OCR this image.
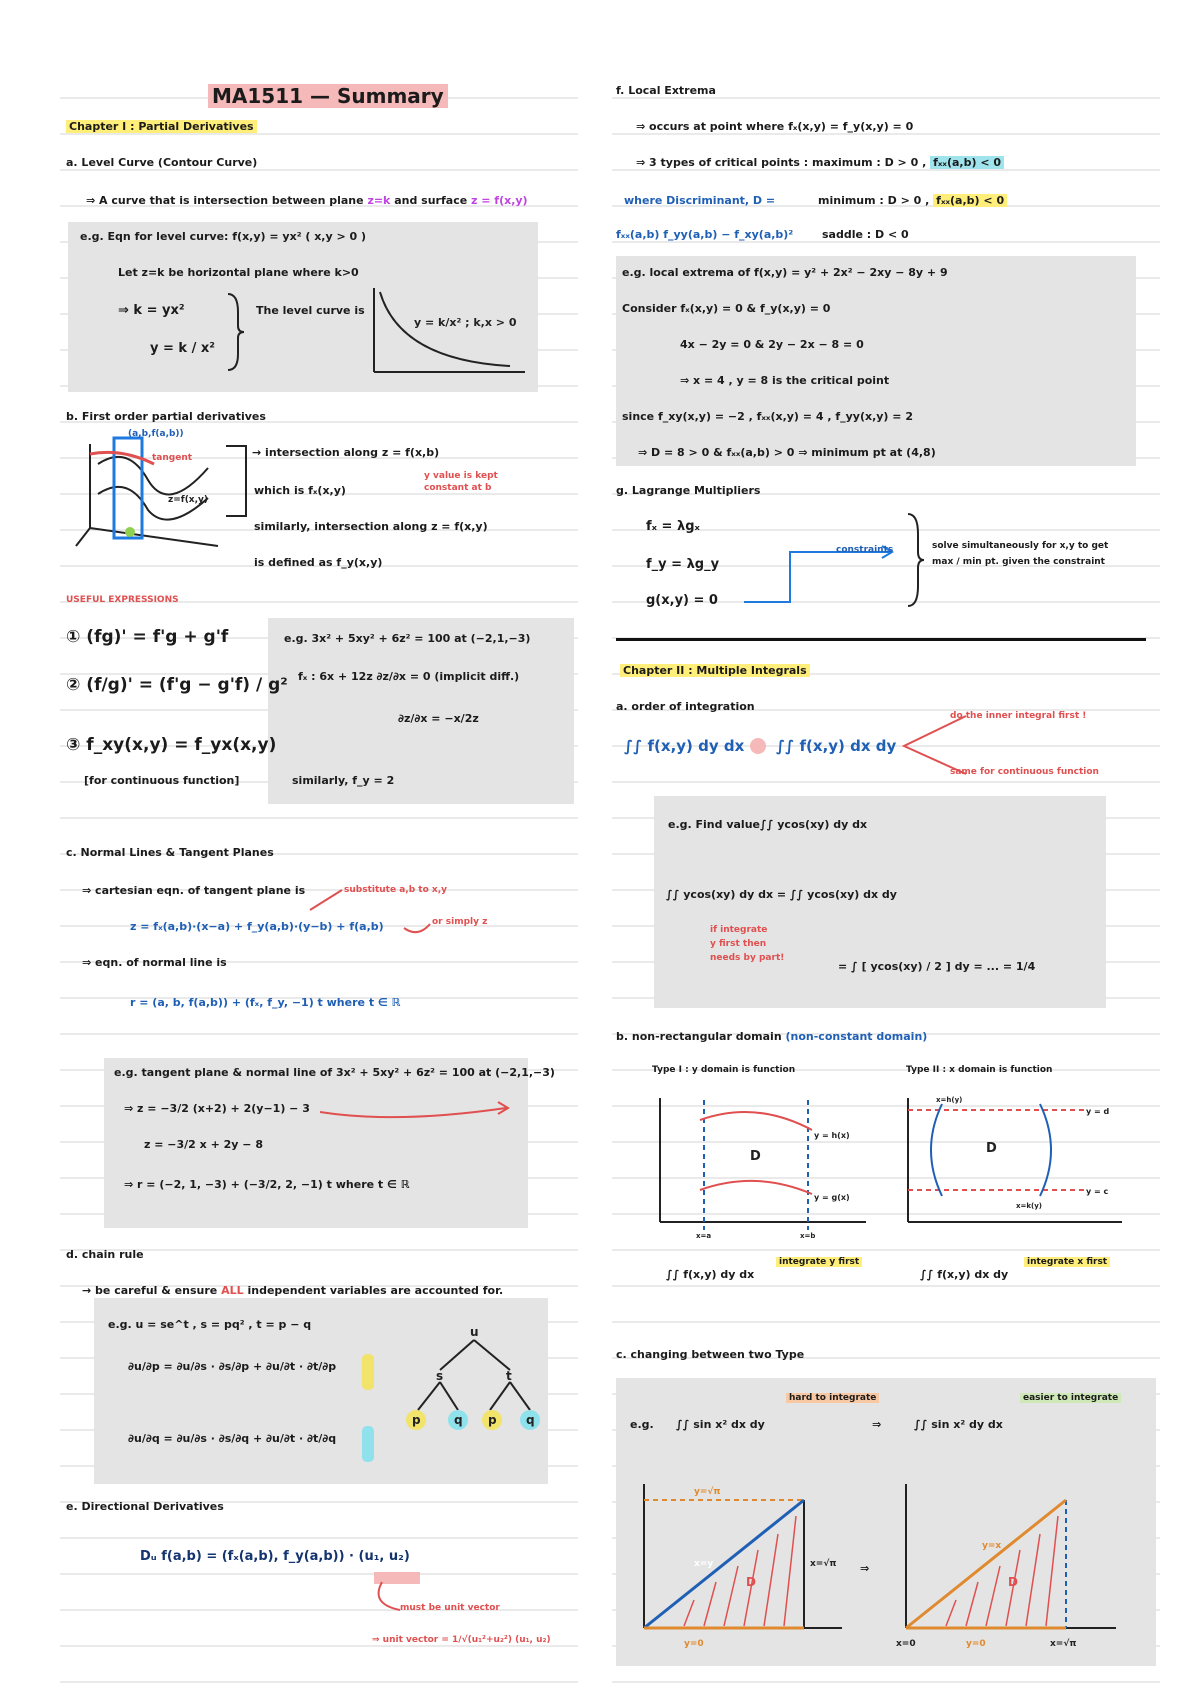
MA1511 — Summary
Chapter I : Partial Derivatives
a. Level Curve (Contour Curve)
⇒ A curve that is intersection between plane z=k and surface z = f(x,y)
e.g. Eqn for level curve: f(x,y) = yx² ( x,y > 0 )
Let z=k be horizontal plane where k>0
⇒ k = yx²
y = k / x²
The level curve is
y = k/x² ; k,x > 0
b. First order partial derivatives
(a,b,f(a,b))
tangent
z=f(x,y)
→ intersection along z = f(x,b)
which is fₓ(x,y)
similarly, intersection along z = f(x,y)
is defined as f_y(x,y)
y value is kept constant at b
USEFUL EXPRESSIONS
① (fg)' = f'g + g'f
② (f/g)' = (f'g − g'f) / g²
③ f_xy(x,y) = f_yx(x,y)
[for continuous function]
e.g. 3x² + 5xy² + 6z² = 100 at (−2,1,−3)
fₓ : 6x + 12z ∂z/∂x = 0 (implicit diff.)
∂z/∂x = −x/2z
similarly, f_y = 2
c. Normal Lines & Tangent Planes
⇒ cartesian eqn. of tangent plane is	substitute a,b to x,y
z = fₓ(a,b)·(x−a) + f_y(a,b)·(y−b) + f(a,b)	or simply z
⇒ eqn. of normal line is
r = (a, b, f(a,b)) + (fₓ, f_y, −1) t where t ∈ ℝ
e.g. tangent plane & normal line of 3x² + 5xy² + 6z² = 100 at (−2,1,−3)
⇒ z = −3/2 (x+2) + 2(y−1) − 3
z = −3/2 x + 2y − 8
⇒ r = (−2, 1, −3) + (−3/2, 2, −1) t where t ∈ ℝ
d. chain rule
→ be careful & ensure ALL independent variables are accounted for.
e.g. u = se^t , s = pq² , t = p − q
∂u/∂p = ∂u/∂s · ∂s/∂p + ∂u/∂t · ∂t/∂p
∂u/∂q = ∂u/∂s · ∂s/∂q + ∂u/∂t · ∂t/∂q
u
s	t
p	q p q
e. Directional Derivatives
Dᵤ f(a,b) = (fₓ(a,b), f_y(a,b)) · (u₁, u₂)
must be unit vector
⇒ unit vector = 1/√(u₁²+u₂²) (u₁, u₂)
f. Local Extrema
⇒ occurs at point where fₓ(x,y) = f_y(x,y) = 0
⇒ 3 types of critical points : maximum : D > 0 , fₓₓ(a,b) < 0
where Discriminant, D =	minimum : D > 0 , fₓₓ(a,b) < 0
fₓₓ(a,b) f_yy(a,b) − f_xy(a,b)²	saddle : D < 0
e.g. local extrema of f(x,y) = y² + 2x² − 2xy − 8y + 9
Consider fₓ(x,y) = 0 & f_y(x,y) = 0
4x − 2y = 0 & 2y − 2x − 8 = 0
⇒ x = 4 , y = 8 is the critical point
since f_xy(x,y) = −2 , fₓₓ(x,y) = 4 , f_yy(x,y) = 2
⇒ D = 8 > 0 & fₓₓ(a,b) > 0 ⇒ minimum pt at (4,8)
g. Lagrange Multipliers
fₓ = λgₓ
f_y = λg_y
g(x,y) = 0
constraints	solve simultaneously for x,y to get
max / min pt. given the constraint
Chapter II : Multiple Integrals
a. order of integration
∫∫ f(x,y) dy dx ∫∫ f(x,y) dx dy
do the inner integral first !
same for continuous function
e.g. Find value ∫∫ ycos(xy) dy dx
∫∫ ycos(xy) dy dx = ∫∫ ycos(xy) dx dy
if integrate
y first then
needs by part!
= ∫ [ ycos(xy) / 2 ] dy = ... = 1/4
b. non-rectangular domain (non-constant domain)
Type I : y domain is function	Type II : x domain is function
D
y = h(x)
y = g(x)
x=a	x=b
D
y = d
y = c
x=h(y)
x=k(y)
∫∫ f(x,y) dy dx
integrate y first
∫∫ f(x,y) dx dy
integrate x first
c. changing between two Type
e.g. ∫∫ sin x² dx dy
hard to integrate
⇒	∫∫ sin x² dy dx
easier to integrate
D
y=√π
x=y	x=√π
y=0
⇒
D
y=x
x=0	y=0	x=√π
